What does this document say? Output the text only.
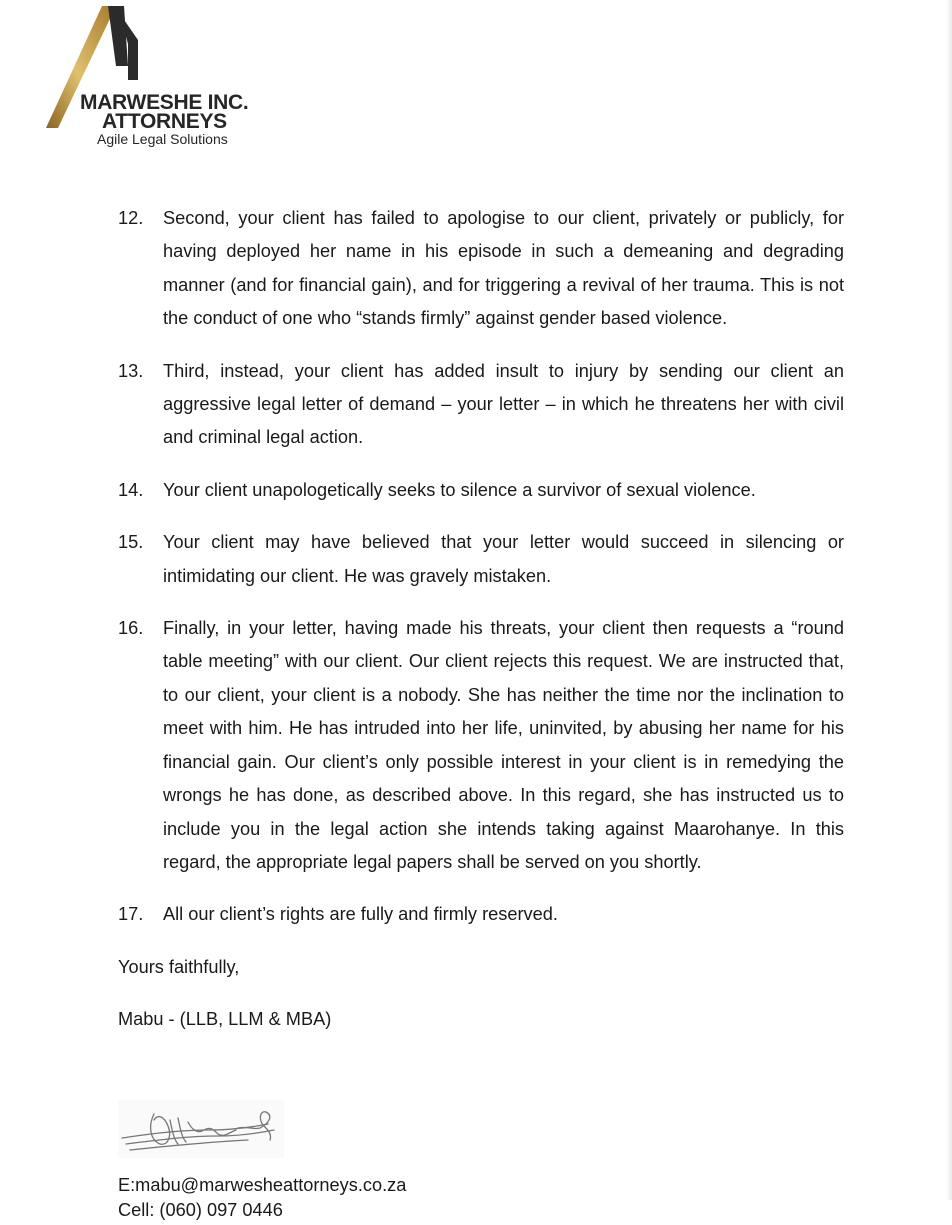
MARWESHE INC.
ATTORNEYS
Agile Legal Solutions
12.	Second, your client has failed to apologise to our client, privately or publicly, for having deployed her name in his episode in such a demeaning and degrading manner (and for financial gain), and for triggering a revival of her trauma. This is not the conduct of one who “stands firmly” against gender based violence.
13.	Third, instead, your client has added insult to injury by sending our client an aggressive legal letter of demand – your letter – in which he threatens her with civil and criminal legal action.
14.	Your client unapologetically seeks to silence a survivor of sexual violence.
15.	Your client may have believed that your letter would succeed in silencing or intimidating our client. He was gravely mistaken.
16.	Finally, in your letter, having made his threats, your client then requests a “round table meeting” with our client. Our client rejects this request. We are instructed that, to our client, your client is a nobody. She has neither the time nor the inclination to meet with him. He has intruded into her life, uninvited, by abusing her name for his financial gain. Our client’s only possible interest in your client is in remedying the wrongs he has done, as described above. In this regard, she has instructed us to include you in the legal action she intends taking against Maarohanye. In this regard, the appropriate legal papers shall be served on you shortly.
17.	All our client’s rights are fully and firmly reserved.
Yours faithfully,
Mabu - (LLB, LLM & MBA)
E:mabu@marwesheattorneys.co.za
Cell: (060) 097 0446
